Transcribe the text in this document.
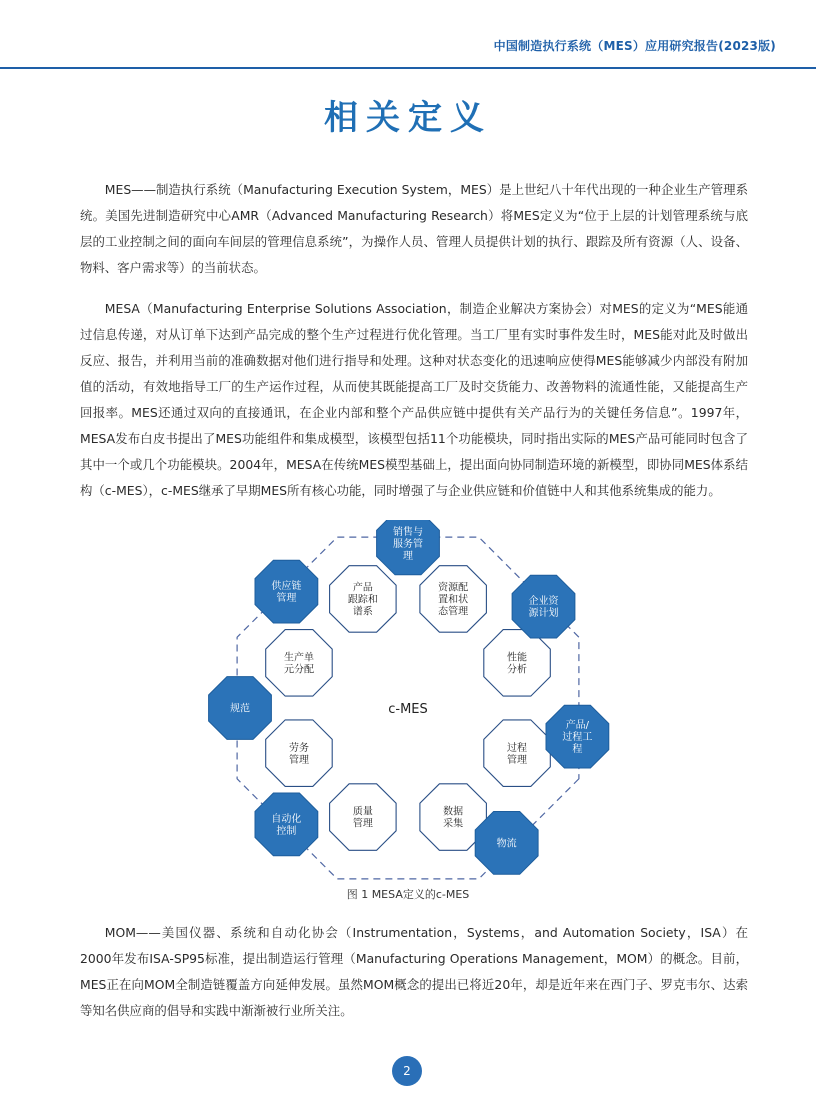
中国制造执行系统（MES）应用研究报告(2023版)
相关定义

MES——制造执行系统（Manufacturing Execution System，MES）是上世纪八十年代出现的一种企业生产管理系统。美国先进制造研究中心AMR（Advanced Manufacturing Research）将MES定义为“位于上层的计划管理系统与底层的工业控制之间的面向车间层的管理信息系统”，为操作人员、管理人员提供计划的执行、跟踪及所有资源（人、设备、物料、客户需求等）的当前状态。

MESA（Manufacturing Enterprise Solutions Association，制造企业解决方案协会）对MES的定义为“MES能通过信息传递，对从订单下达到产品完成的整个生产过程进行优化管理。当工厂里有实时事件发生时，MES能对此及时做出反应、报告，并利用当前的准确数据对他们进行指导和处理。这种对状态变化的迅速响应使得MES能够减少内部没有附加值的活动，有效地指导工厂的生产运作过程，从而使其既能提高工厂及时交货能力、改善物料的流通性能，又能提高生产回报率。MES还通过双向的直接通讯，在企业内部和整个产品供应链中提供有关产品行为的关键任务信息”。1997年，MESA发布白皮书提出了MES功能组件和集成模型，该模型包括11个功能模块，同时指出实际的MES产品可能同时包含了其中一个或几个功能模块。2004年，MESA在传统MES模型基础上，提出面向协同制造环境的新模型，即协同MES体系结构（c-MES），c-MES继承了早期MES所有核心功能，同时增强了与企业供应链和价值链中人和其他系统集成的能力。

c-MES
产品
跟踪和
谱系
资源配
置和状
态管理
性能
分析
过程
管理
数据
采集
质量
管理
劳务
管理
生产单
元分配
销售与
服务管
理
企业资
源计划
产品/
过程工
程
物流
自动化
控制
规范
供应链
管理
图 1 MESA定义的c-MES

MOM——美国仪器、系统和自动化协会（Instrumentation，Systems，and Automation Society，ISA）在2000年发布ISA-SP95标准，提出制造运行管理（Manufacturing Operations Management，MOM）的概念。目前，MES正在向MOM全制造链覆盖方向延伸发展。虽然MOM概念的提出已将近20年，却是近年来在西门子、罗克韦尔、达索等知名供应商的倡导和实践中渐渐被行业所关注。

2
